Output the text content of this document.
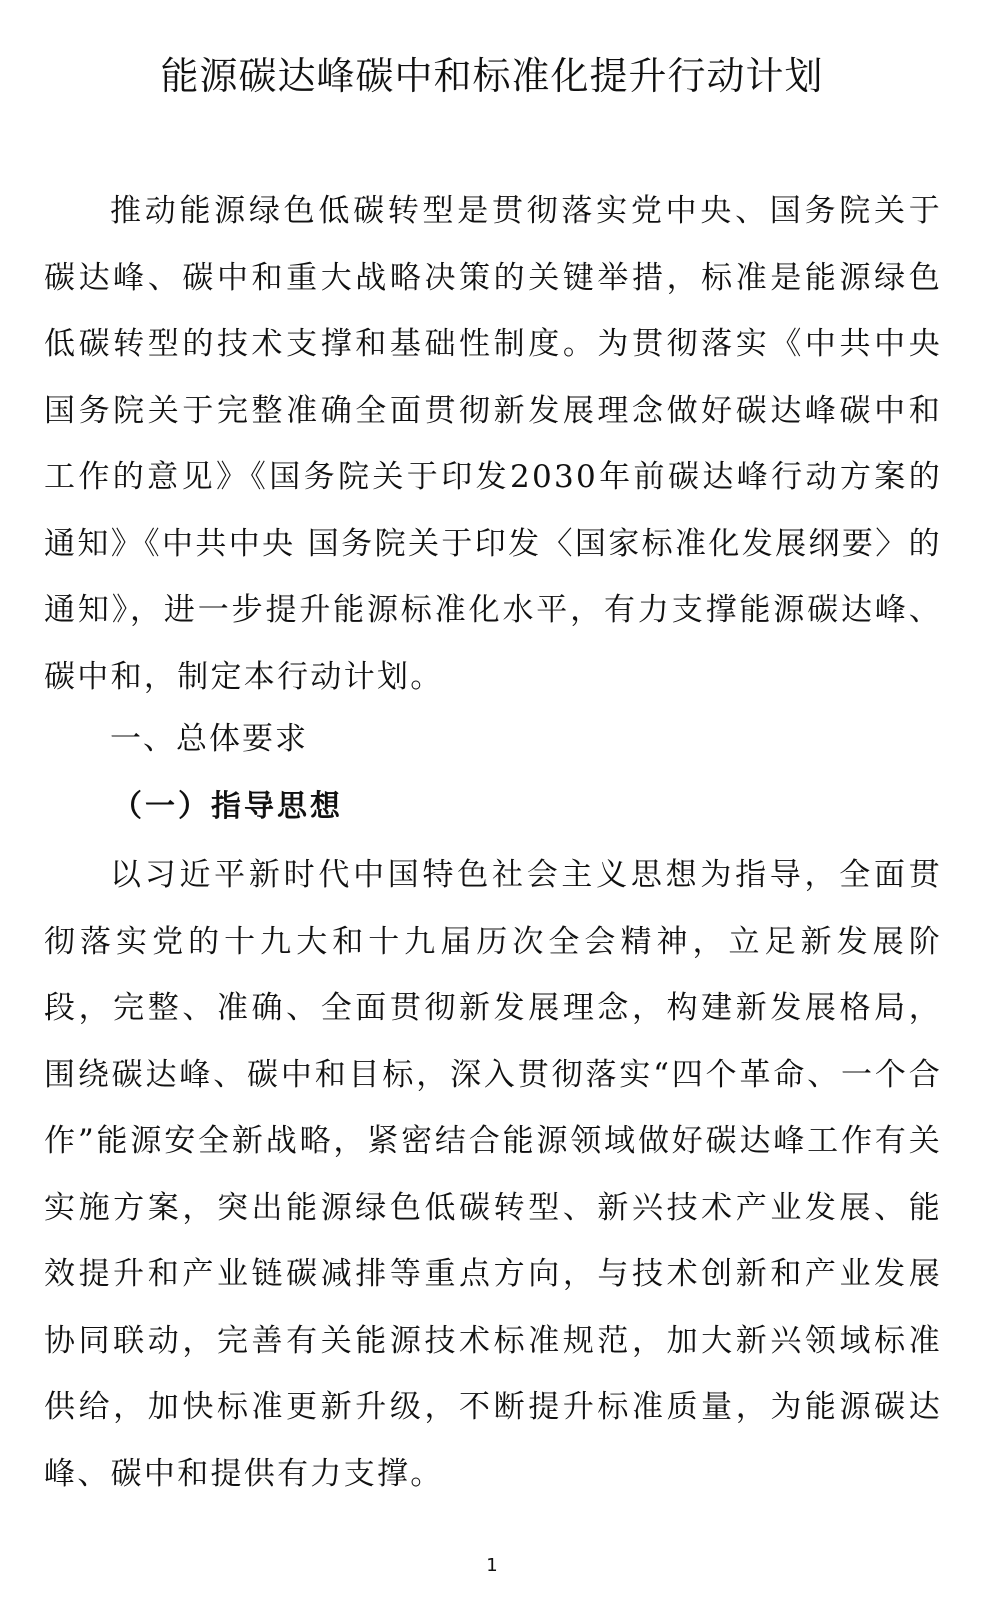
能源碳达峰碳中和标准化提升行动计划

推动能源绿色低碳转型是贯彻落实党中央、国务院关于碳达峰、碳中和重大战略决策的关键举措，标准是能源绿色低碳转型的技术支撑和基础性制度。为贯彻落实《中共中央国务院关于完整准确全面贯彻新发展理念做好碳达峰碳中和工作的意见》《国务院关于印发2030年前碳达峰行动方案的通知》《中共中央 国务院关于印发〈国家标准化发展纲要〉的通知》，进一步提升能源标准化水平，有力支撑能源碳达峰、碳中和，制定本行动计划。

一、总体要求
（一）指导思想

以习近平新时代中国特色社会主义思想为指导，全面贯彻落实党的十九大和十九届历次全会精神，立足新发展阶段，完整、准确、全面贯彻新发展理念，构建新发展格局，围绕碳达峰、碳中和目标，深入贯彻落实“四个革命、一个合作”能源安全新战略，紧密结合能源领域做好碳达峰工作有关实施方案，突出能源绿色低碳转型、新兴技术产业发展、能效提升和产业链碳减排等重点方向，与技术创新和产业发展协同联动，完善有关能源技术标准规范，加大新兴领域标准供给，加快标准更新升级，不断提升标准质量，为能源碳达峰、碳中和提供有力支撑。

1
